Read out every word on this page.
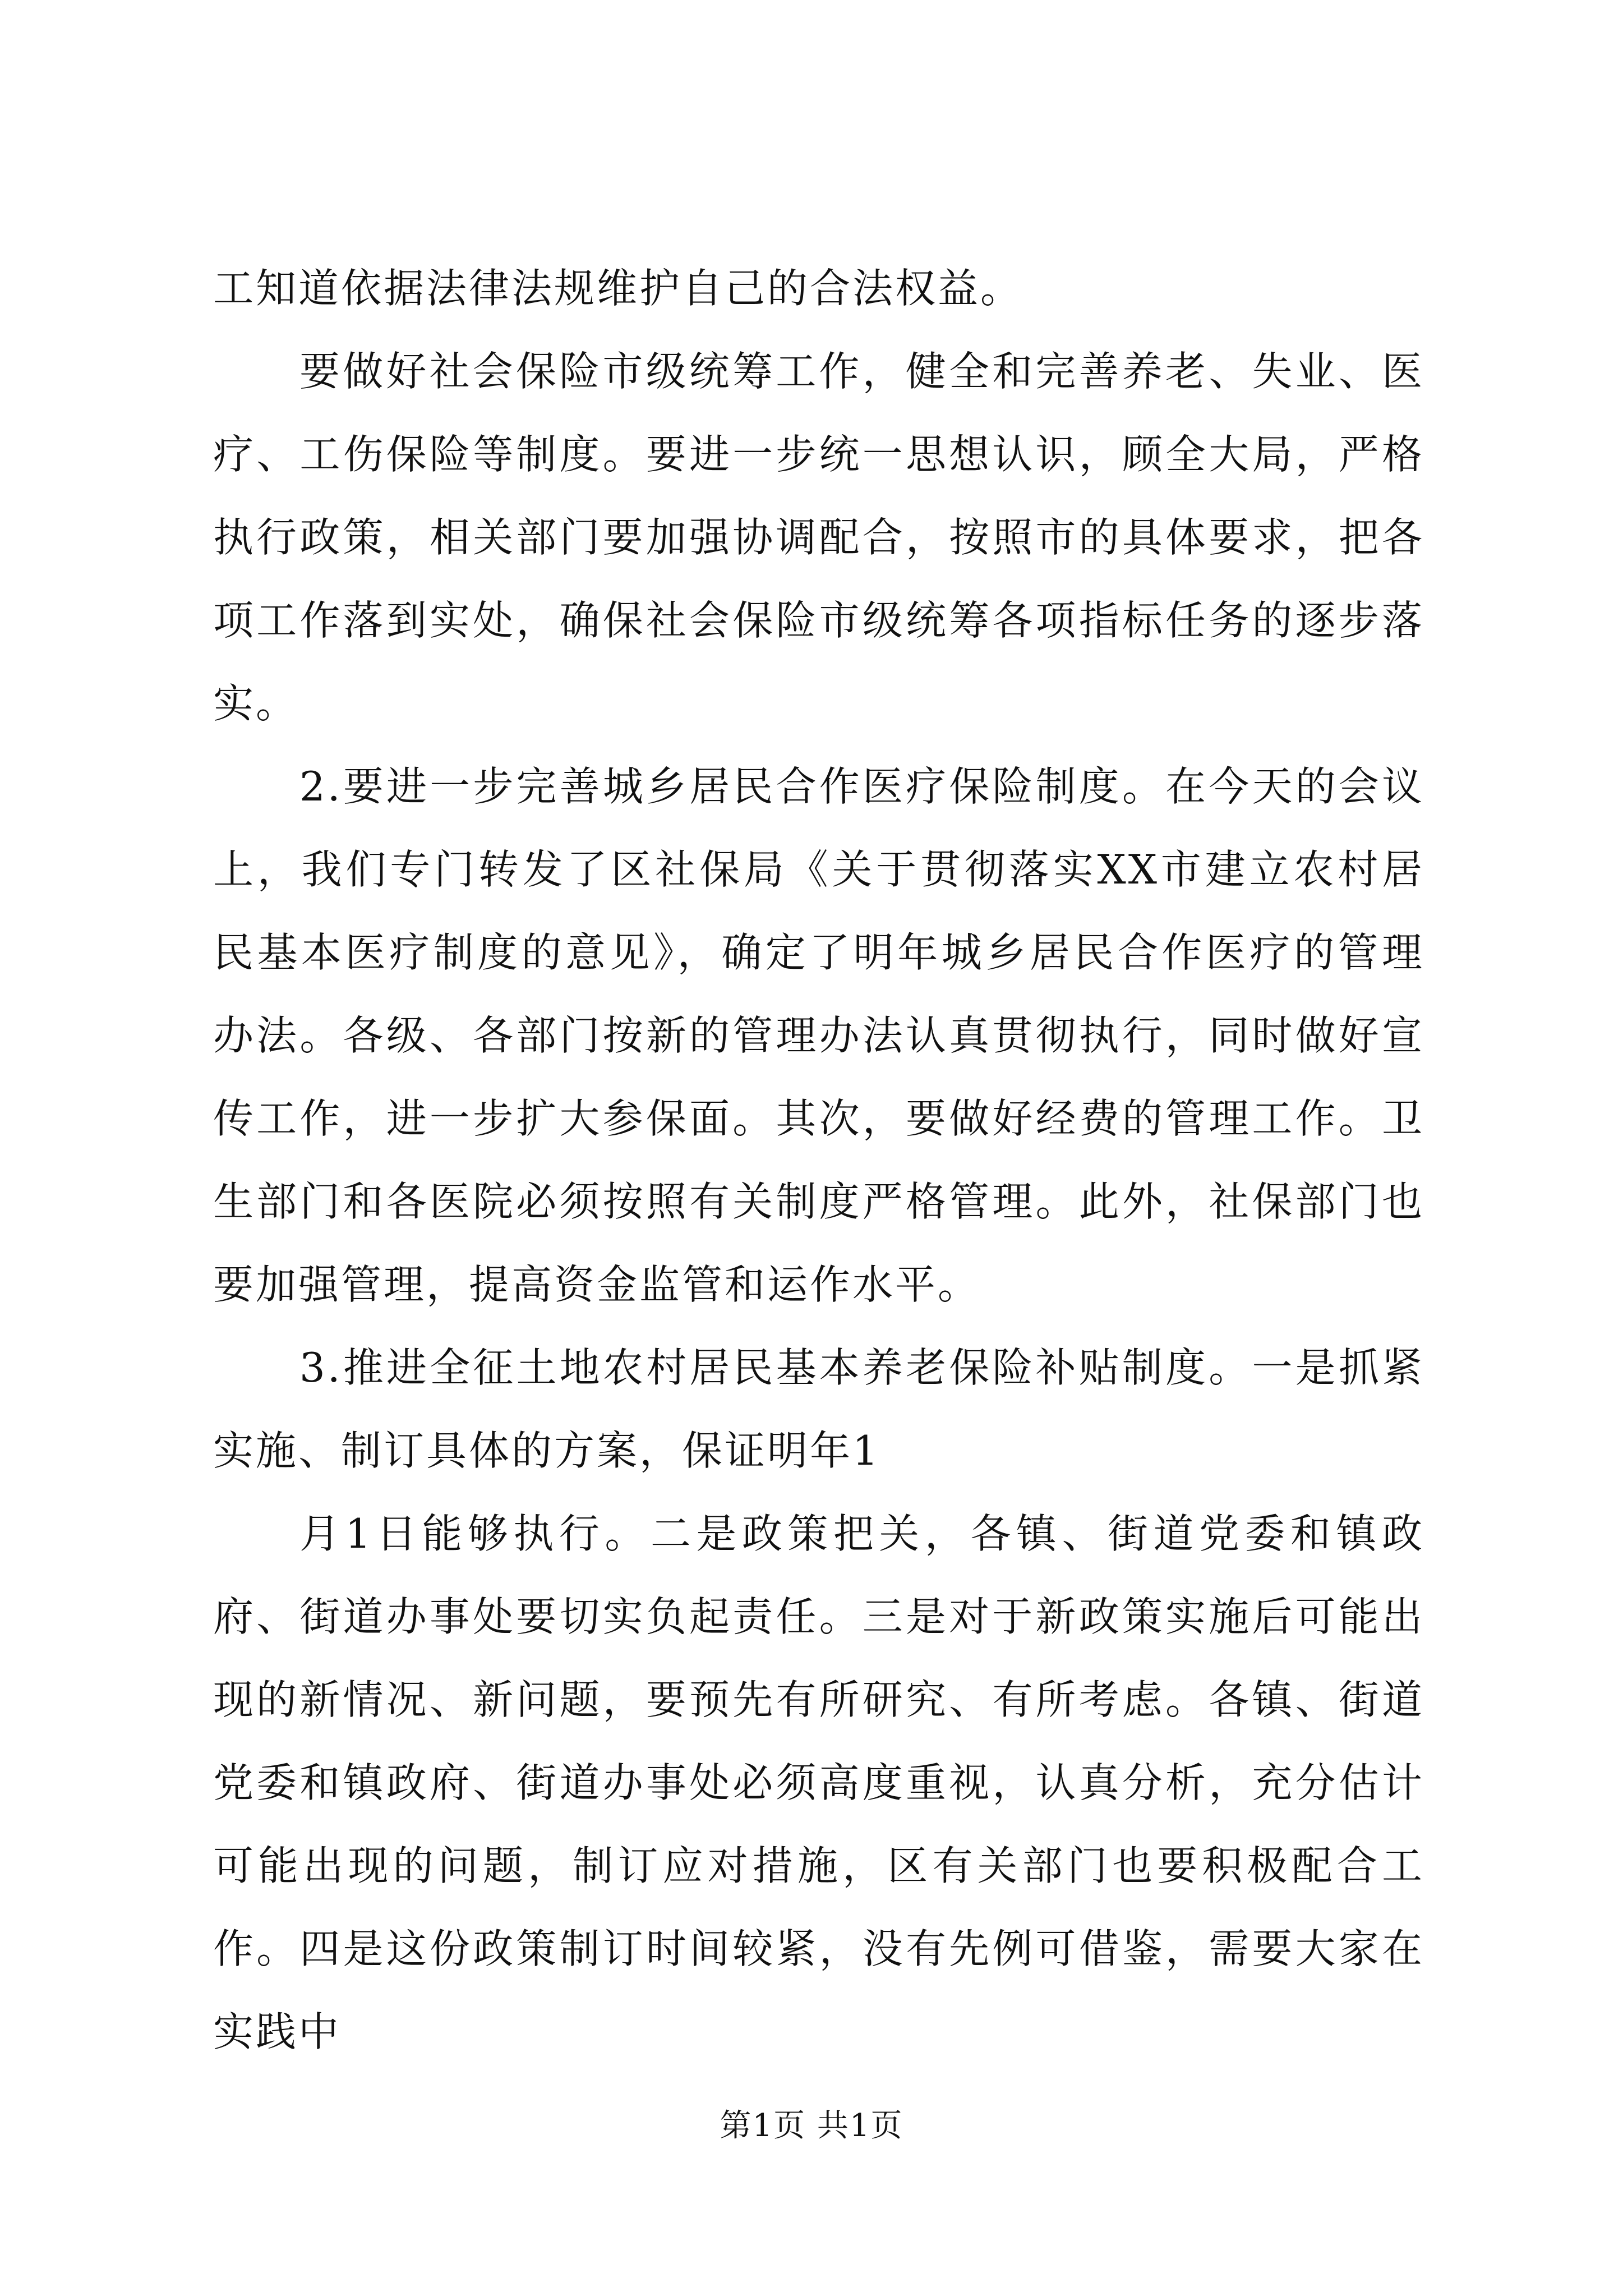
工知道依据法律法规维护自己的合法权益。

要做好社会保险市级统筹工作，健全和完善养老、失业、医疗、工伤保险等制度。要进一步统一思想认识，顾全大局，严格执行政策，相关部门要加强协调配合，按照市的具体要求，把各项工作落到实处，确保社会保险市级统筹各项指标任务的逐步落实。

2.要进一步完善城乡居民合作医疗保险制度。在今天的会议上，我们专门转发了区社保局《关于贯彻落实XX市建立农村居民基本医疗制度的意见》，确定了明年城乡居民合作医疗的管理办法。各级、各部门按新的管理办法认真贯彻执行，同时做好宣传工作，进一步扩大参保面。其次，要做好经费的管理工作。卫生部门和各医院必须按照有关制度严格管理。此外，社保部门也要加强管理，提高资金监管和运作水平。

3.推进全征土地农村居民基本养老保险补贴制度。一是抓紧实施、制订具体的方案，保证明年1

月1日能够执行。二是政策把关，各镇、街道党委和镇政府、街道办事处要切实负起责任。三是对于新政策实施后可能出现的新情况、新问题，要预先有所研究、有所考虑。各镇、街道党委和镇政府、街道办事处必须高度重视，认真分析，充分估计可能出现的问题，制订应对措施，区有关部门也要积极配合工作。四是这份政策制订时间较紧，没有先例可借鉴，需要大家在实践中

第1页 共1页
